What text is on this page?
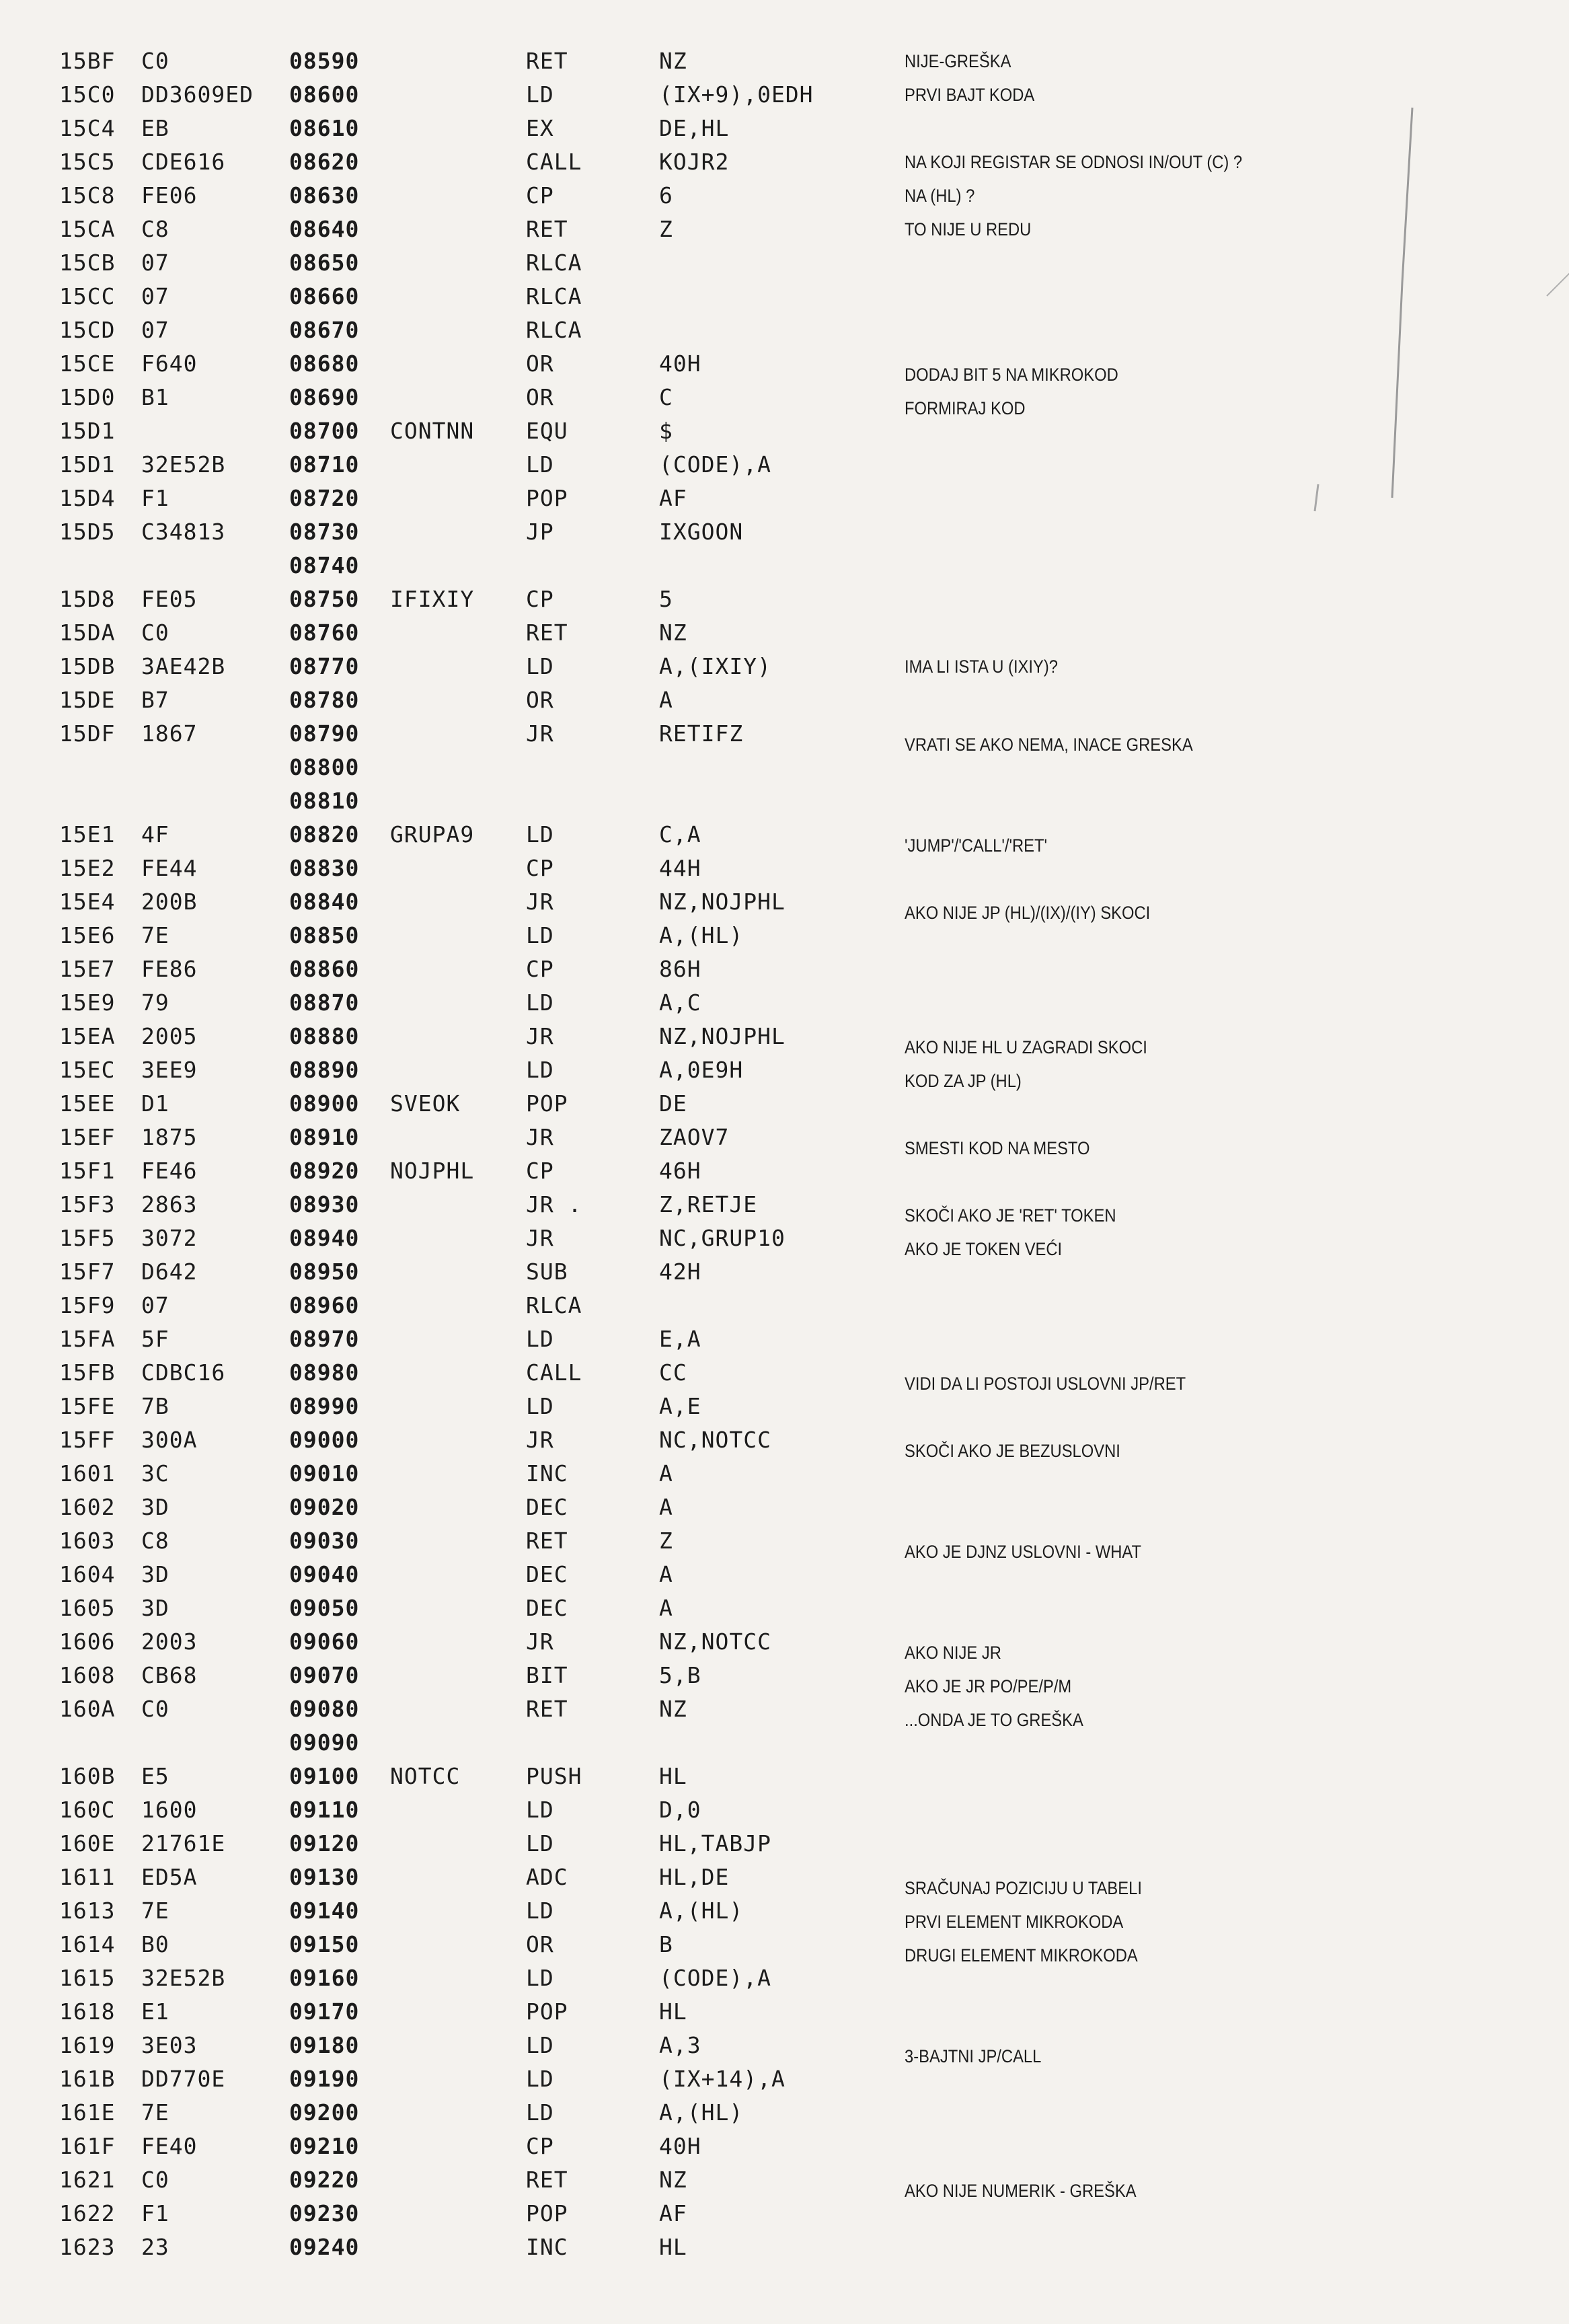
15BF C0	08590	RET	NZ	NIJE-GREŠKA
15C0 DD3609ED 08600	LD	(IX+9),0EDH	PRVI BAJT KODA
15C4 EB	08610	EX	DE,HL
15C5 CDE616	08620	CALL	KOJR2	NA KOJI REGISTAR SE ODNOSI IN/OUT (C) ?
15C8 FE06	08630	CP	6	NA (HL) ?
15CA C8	08640	RET	Z	TO NIJE U REDU
15CB 07	08650	RLCA
15CC 07	08660	RLCA
15CD 07	08670	RLCA
15CE F640	08680	OR	40H	DODAJ BIT 5 NA MIKROKOD
15D0 B1	08690	OR	C	FORMIRAJ KOD
15D1	08700 CONTNN EQU	$
15D1 32E52B	08710	LD	(CODE),A
15D4 F1	08720	POP	AF
15D5 C34813	08730	JP	IXGOON
08740
15D8 FE05	08750 IFIXIY CP	5
15DA C0	08760	RET	NZ
15DB 3AE42B	08770	LD	A,(IXIY)	IMA LI ISTA U (IXIY)?
15DE B7	08780	OR	A
15DF 1867	08790	JR	RETIFZ	VRATI SE AKO NEMA, INACE GRESKA
08800
08810
15E1 4F	08820 GRUPA9 LD	C,A	'JUMP'/'CALL'/'RET'
15E2 FE44	08830	CP	44H
15E4 200B	08840	JR	NZ,NOJPHL	AKO NIJE JP (HL)/(IX)/(IY) SKOCI
15E6 7E	08850	LD	A,(HL)
15E7 FE86	08860	CP	86H
15E9 79	08870	LD	A,C
15EA 2005	08880	JR	NZ,NOJPHL	AKO NIJE HL U ZAGRADI SKOCI
15EC 3EE9	08890	LD	A,0E9H	KOD ZA JP (HL)
15EE D1	08900 SVEOK	POP	DE
15EF 1875	08910	JR	ZAOV7	SMESTI KOD NA MESTO
15F1 FE46	08920 NOJPHL CP	46H
15F3 2863	08930	JR .	Z,RETJE	SKOČI AKO JE 'RET' TOKEN
15F5 3072	08940	JR	NC,GRUP10	AKO JE TOKEN VEĆI
15F7 D642	08950	SUB	42H
15F9 07	08960	RLCA
15FA 5F	08970	LD	E,A
15FB CDBC16	08980	CALL	CC	VIDI DA LI POSTOJI USLOVNI JP/RET
15FE 7B	08990	LD	A,E
15FF 300A	09000	JR	NC,NOTCC	SKOČI AKO JE BEZUSLOVNI
1601 3C	09010	INC	A
1602 3D	09020	DEC	A
1603 C8	09030	RET	Z	AKO JE DJNZ USLOVNI - WHAT
1604 3D	09040	DEC	A
1605 3D	09050	DEC	A
1606 2003	09060	JR	NZ,NOTCC	AKO NIJE JR
1608 CB68	09070	BIT	5,B	AKO JE JR PO/PE/P/M
160A C0	09080	RET	NZ	...ONDA JE TO GREŠKA
09090
160B E5	09100 NOTCC	PUSH	HL
160C 1600	09110	LD	D,0
160E 21761E	09120	LD	HL,TABJP
1611 ED5A	09130	ADC	HL,DE	SRAČUNAJ POZICIJU U TABELI
1613 7E	09140	LD	A,(HL)	PRVI ELEMENT MIKROKODA
1614 B0	09150	OR	B	DRUGI ELEMENT MIKROKODA
1615 32E52B	09160	LD	(CODE),A
1618 E1	09170	POP	HL
1619 3E03	09180	LD	A,3	3-BAJTNI JP/CALL
161B DD770E	09190	LD	(IX+14),A
161E 7E	09200	LD	A,(HL)
161F FE40	09210	CP	40H
1621 C0	09220	RET	NZ	AKO NIJE NUMERIK - GREŠKA
1622 F1	09230	POP	AF
1623 23	09240	INC	HL
